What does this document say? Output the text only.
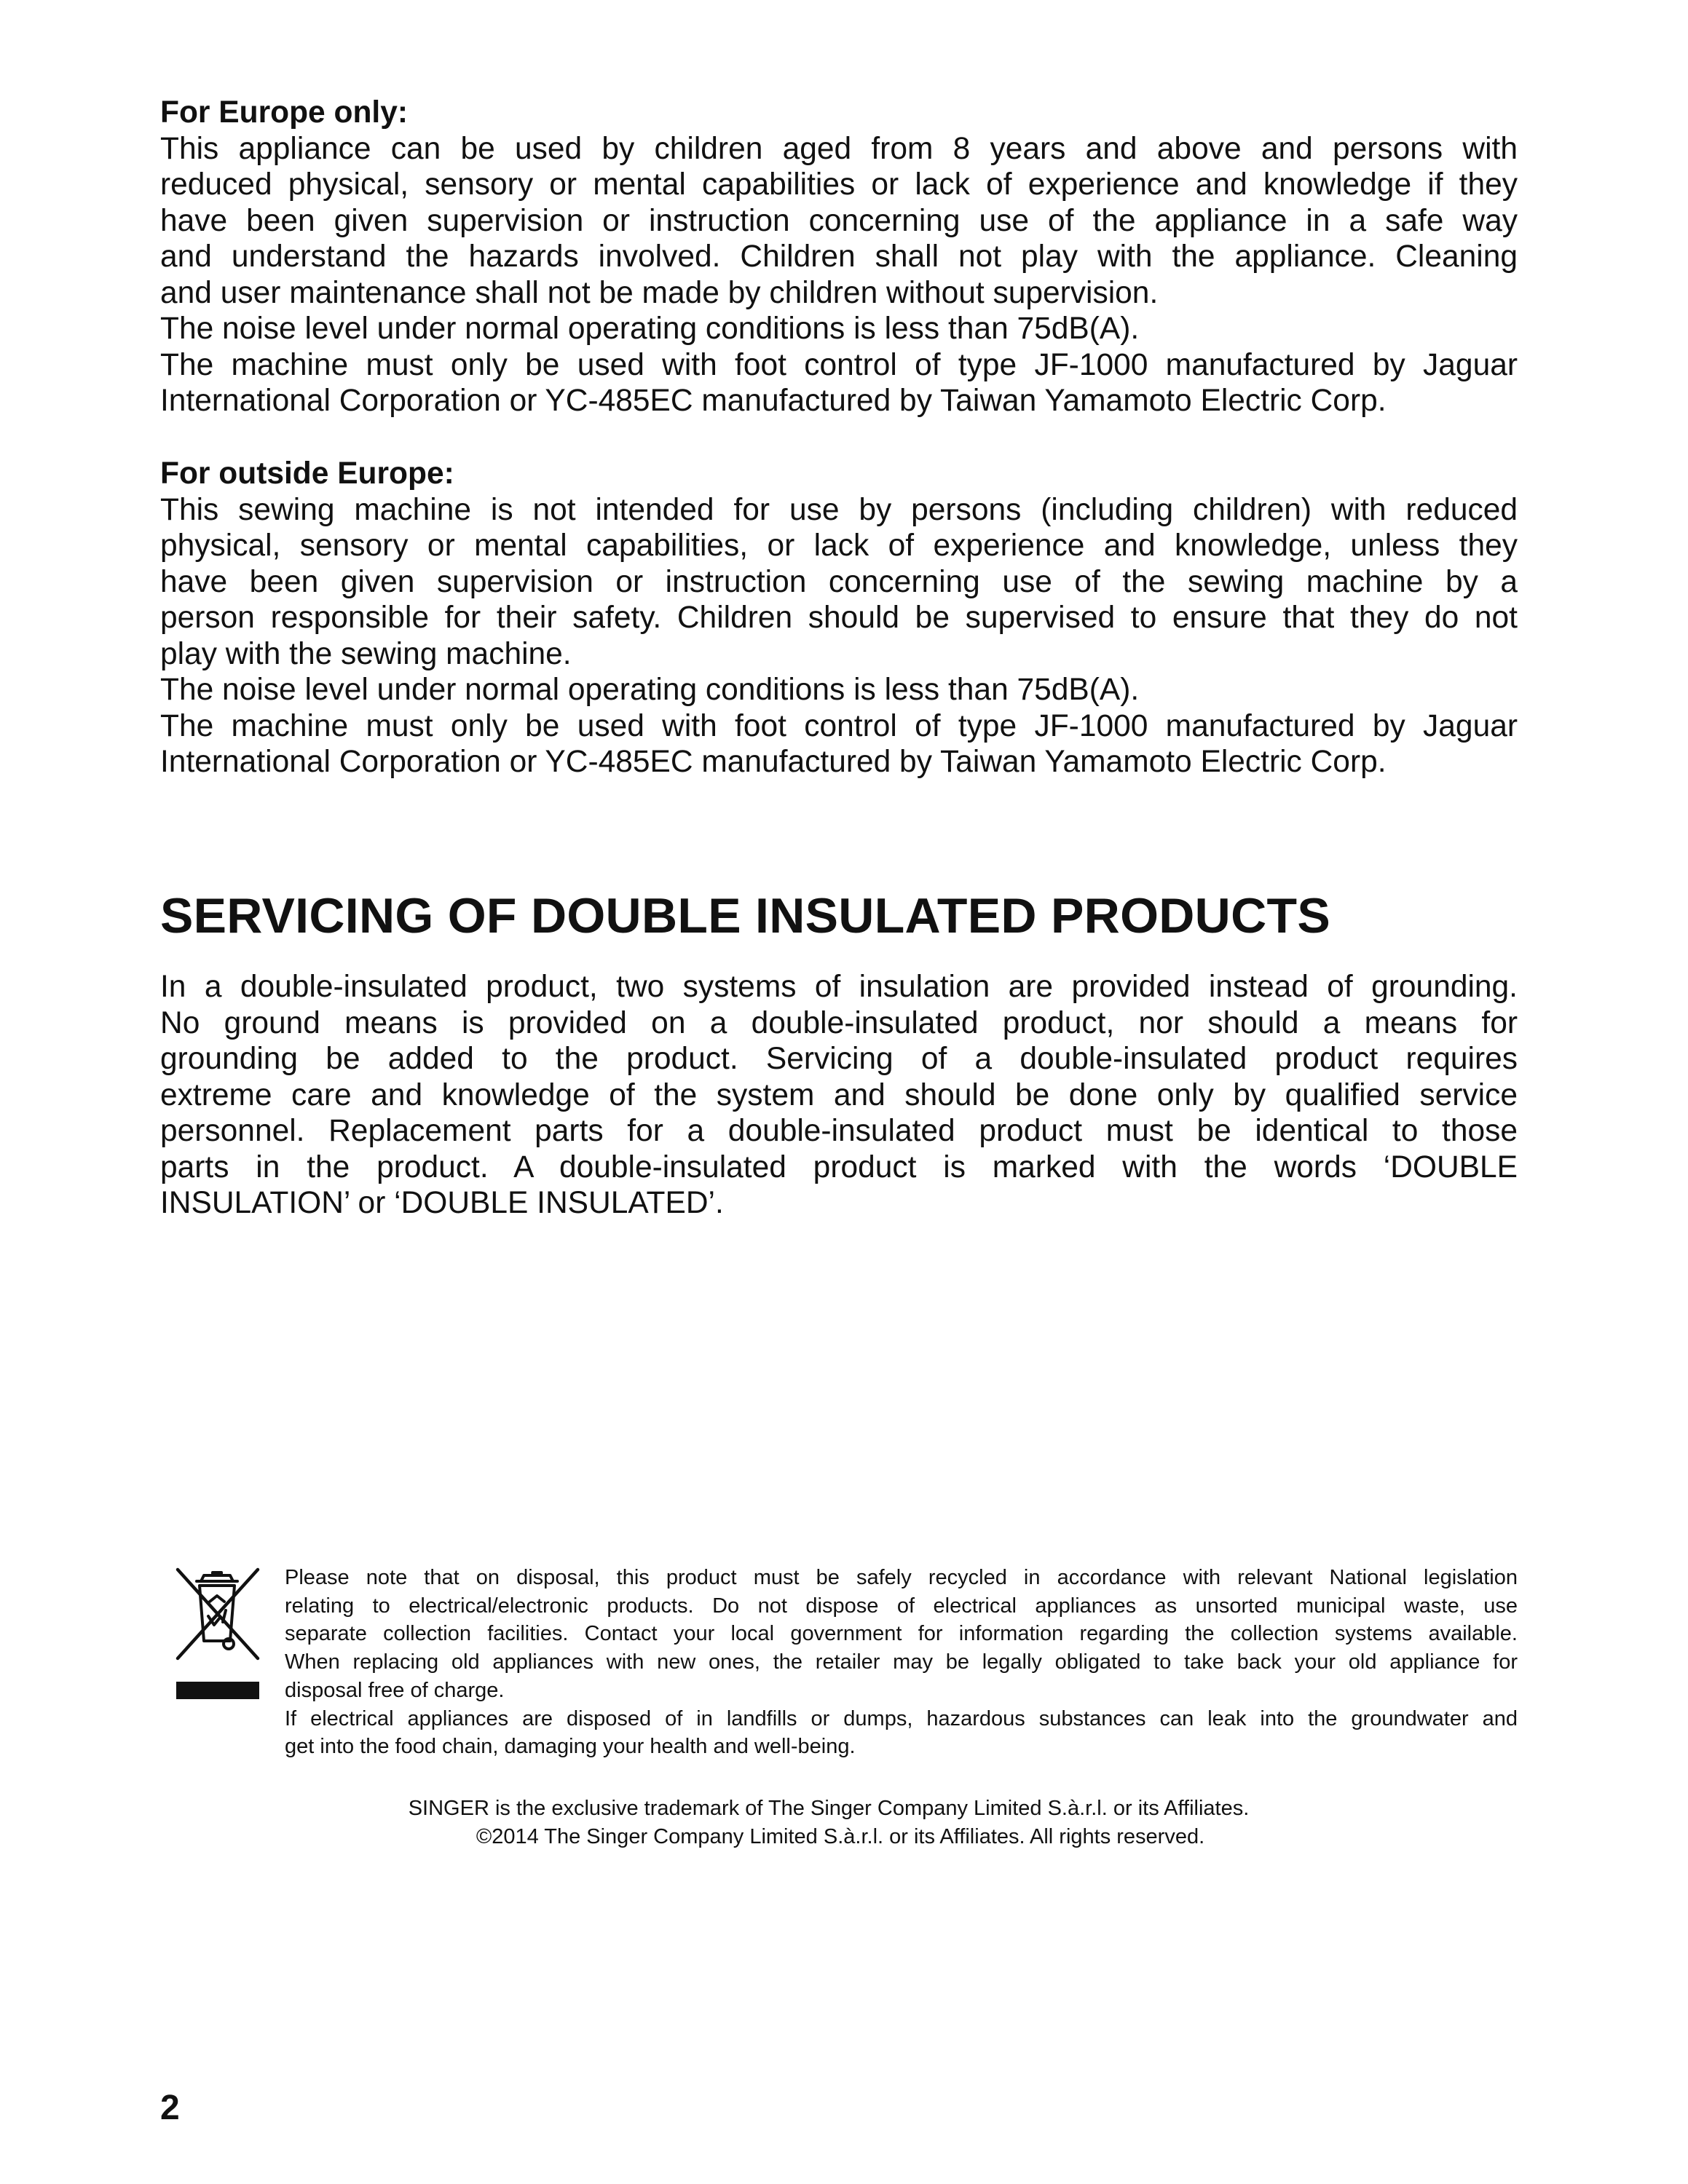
For Europe only:
This appliance can be used by children aged from 8 years and above and persons with
reduced physical, sensory or mental capabilities or lack of experience and knowledge if they
have been given supervision or instruction concerning use of the appliance in a safe way
and understand the hazards involved. Children shall not play with the appliance. Cleaning
and user maintenance shall not be made by children without supervision.
The noise level under normal operating conditions is less than 75dB(A).
The machine must only be used with foot control of type JF-1000 manufactured by Jaguar
International Corporation or YC-485EC manufactured by Taiwan Yamamoto Electric Corp.
For outside Europe:
This sewing machine is not intended for use by persons (including children) with reduced
physical, sensory or mental capabilities, or lack of experience and knowledge, unless they
have been given supervision or instruction concerning use of the sewing machine by a
person responsible for their safety. Children should be supervised to ensure that they do not
play with the sewing machine.
The noise level under normal operating conditions is less than 75dB(A).
The machine must only be used with foot control of type JF-1000 manufactured by Jaguar
International Corporation or YC-485EC manufactured by Taiwan Yamamoto Electric Corp.
SERVICING OF DOUBLE INSULATED PRODUCTS
In a double-insulated product, two systems of insulation are provided instead of grounding.
No ground means is provided on a double-insulated product, nor should a means for
grounding be added to the product. Servicing of a double-insulated product requires
extreme care and knowledge of the system and should be done only by qualified service
personnel. Replacement parts for a double-insulated product must be identical to those
parts in the product. A double-insulated product is marked with the words ‘DOUBLE
INSULATION’ or ‘DOUBLE INSULATED’.
Please note that on disposal, this product must be safely recycled in accordance with relevant National legislation
relating to electrical/electronic products. Do not dispose of electrical appliances as unsorted municipal waste, use
separate collection facilities. Contact your local government for information regarding the collection systems available.
When replacing old appliances with new ones, the retailer may be legally obligated to take back your old appliance for
disposal free of charge.
If electrical appliances are disposed of in landfills or dumps, hazardous substances can leak into the groundwater and
get into the food chain, damaging your health and well-being.
SINGER is the exclusive trademark of The Singer Company Limited S.à.r.l. or its Affiliates.
©2014 The Singer Company Limited S.à.r.l. or its Affiliates. All rights reserved.
2
